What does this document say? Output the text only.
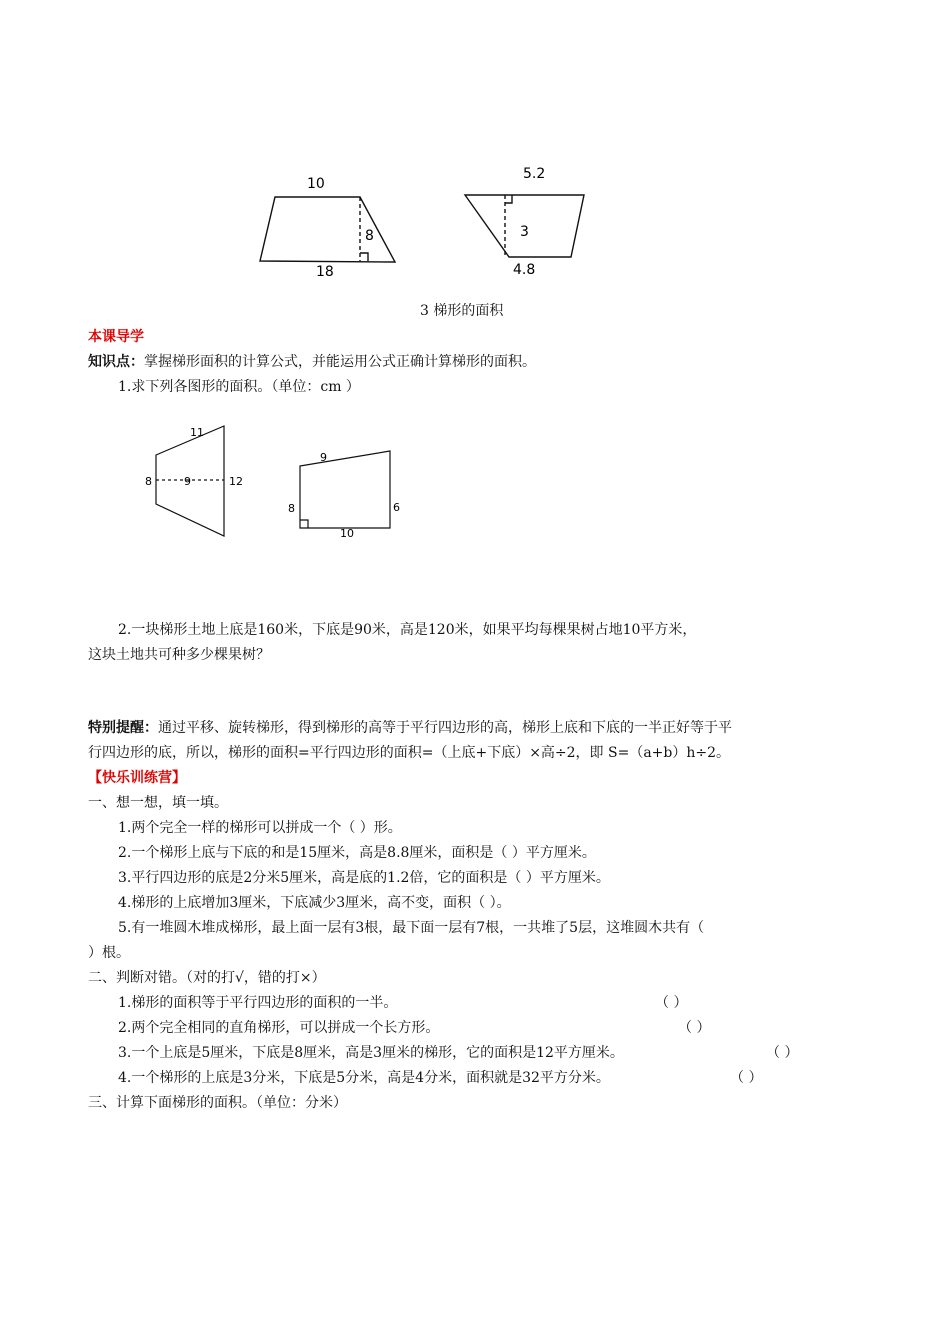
10
8
18
5.2
3
4.8
3 梯形的面积
本课导学
知识点：掌握梯形面积的计算公式，并能运用公式正确计算梯形的面积。
1.求下列各图形的面积。（单位：cm ）
11
8	9	12
9
8	6
10
2.一块梯形土地上底是160米，下底是90米，高是120米，如果平均每棵果树占地10平方米，
这块土地共可种多少棵果树？
特别提醒：通过平移、旋转梯形，得到梯形的高等于平行四边形的高，梯形上底和下底的一半正好等于平
行四边形的底，所以，梯形的面积=平行四边形的面积=（上底+下底）×高÷2，即 S=（a+b）h÷2。
【快乐训练营】
一、想一想，填一填。
1.两个完全一样的梯形可以拼成一个（ ）形。
2.一个梯形上底与下底的和是15厘米，高是8.8厘米，面积是（ ）平方厘米。
3.平行四边形的底是2分米5厘米，高是底的1.2倍，它的面积是（ ）平方厘米。
4.梯形的上底增加3厘米，下底减少3厘米，高不变，面积（ ）。
5.有一堆圆木堆成梯形，最上面一层有3根，最下面一层有7根，一共堆了5层，这堆圆木共有（
）根。
二、判断对错。（对的打√，错的打×）
1.梯形的面积等于平行四边形的面积的一半。	（ ）
2.两个完全相同的直角梯形，可以拼成一个长方形。	（ ）
3.一个上底是5厘米，下底是8厘米，高是3厘米的梯形，它的面积是12平方厘米。	（ ）
4.一个梯形的上底是3分米，下底是5分米，高是4分米，面积就是32平方分米。	（ ）
三、计算下面梯形的面积。（单位：分米）
